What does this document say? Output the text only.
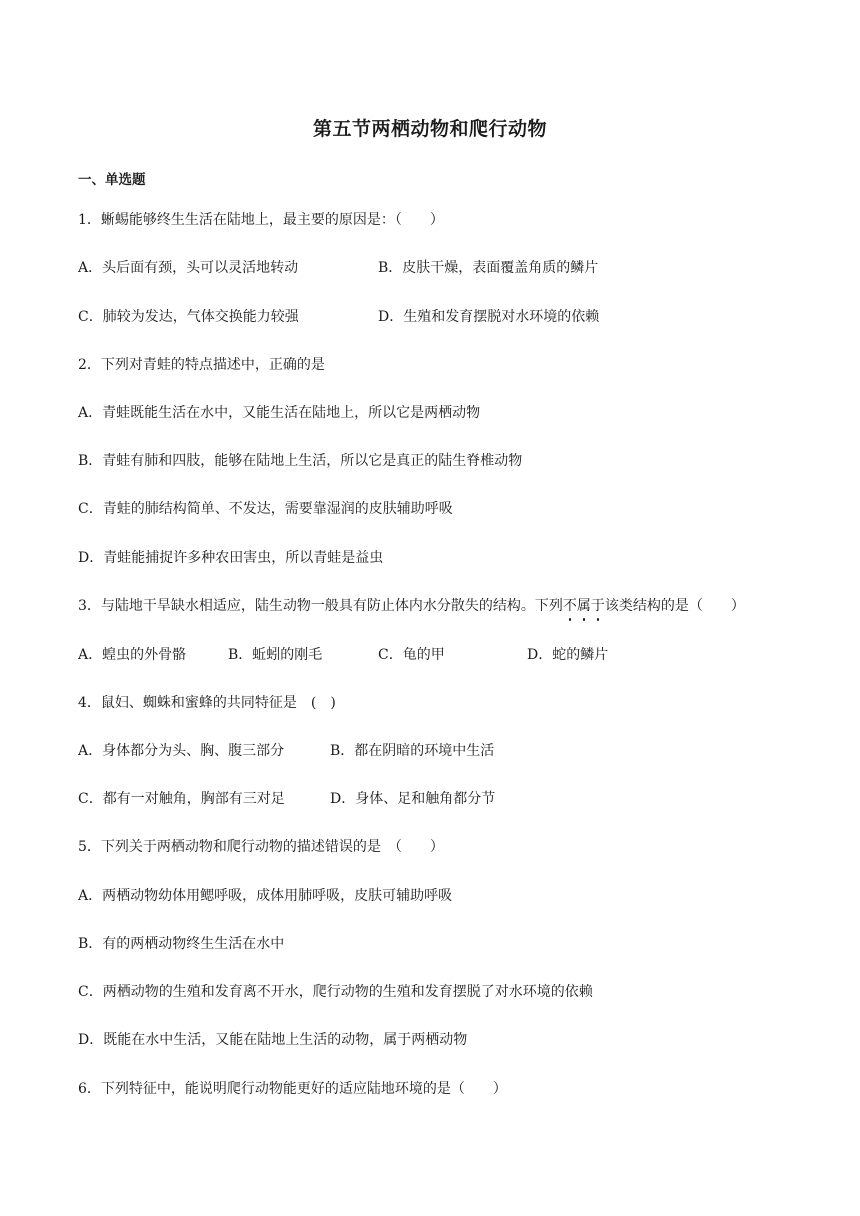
第五节两栖动物和爬行动物
一、单选题
1．蜥蜴能够终生生活在陆地上，最主要的原因是：（　　）
A．头后面有颈，头可以灵活地转动	B．皮肤干燥，表面覆盖角质的鳞片
C．肺较为发达，气体交换能力较强	D．生殖和发育摆脱对水环境的依赖
2．下列对青蛙的特点描述中，正确的是
A．青蛙既能生活在水中，又能生活在陆地上，所以它是两栖动物
B．青蛙有肺和四肢，能够在陆地上生活，所以它是真正的陆生脊椎动物
C．青蛙的肺结构简单、不发达，需要靠湿润的皮肤辅助呼吸
D．青蛙能捕捉许多种农田害虫，所以青蛙是益虫
3．与陆地干旱缺水相适应，陆生动物一般具有防止体内水分散失的结构。下列不属于该类结构的是（　　）
A．蝗虫的外骨骼	B．蚯蚓的刚毛	C．龟的甲	D．蛇的鳞片
4．鼠妇、蜘蛛和蜜蜂的共同特征是　(　)
A．身体都分为头、胸、腹三部分	B．都在阴暗的环境中生活
C．都有一对触角，胸部有三对足	D．身体、足和触角都分节
5．下列关于两栖动物和爬行动物的描述错误的是　（　　）
A．两栖动物幼体用鳃呼吸，成体用肺呼吸，皮肤可辅助呼吸
B．有的两栖动物终生生活在水中
C．两栖动物的生殖和发育离不开水，爬行动物的生殖和发育摆脱了对水环境的依赖
D．既能在水中生活，又能在陆地上生活的动物，属于两栖动物
6．下列特征中，能说明爬行动物能更好的适应陆地环境的是（　　）
